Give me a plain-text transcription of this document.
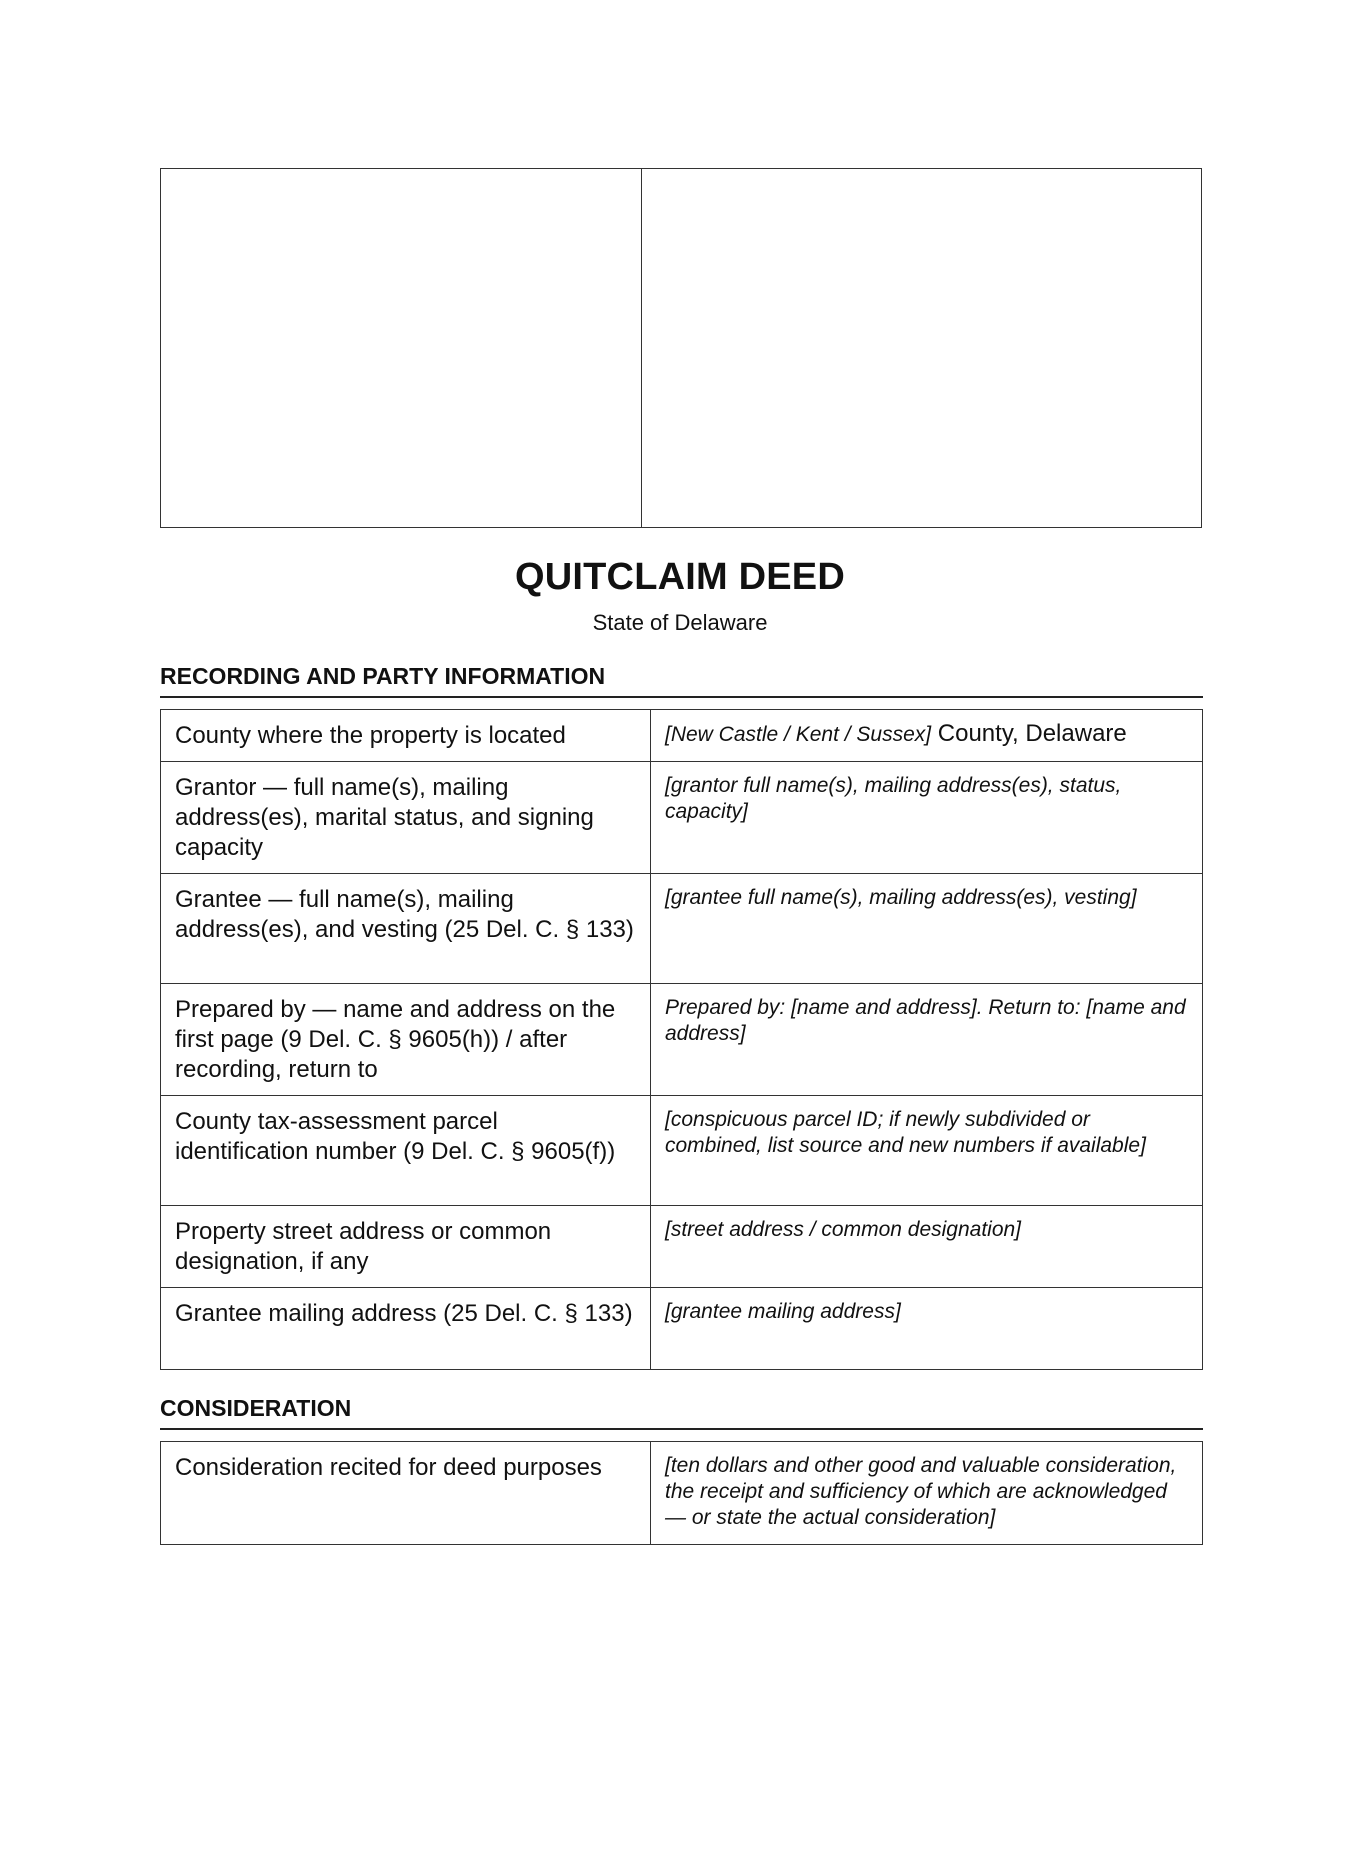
QUITCLAIM DEED

State of Delaware

RECORDING AND PARTY INFORMATION
County where the property is located	[New Castle / Kent / Sussex] County, Delaware
Grantor — full name(s), mailing address(es), marital status, and signing capacity	[grantor full name(s), mailing address(es), status, capacity]
Grantee — full name(s), mailing address(es), and vesting (25 Del. C. § 133)	[grantee full name(s), mailing address(es), vesting]
Prepared by — name and address on the first page (9 Del. C. § 9605(h)) / after recording, return to	Prepared by: [name and address]. Return to: [name and address]
County tax-assessment parcel identification number (9 Del. C. § 9605(f))	[conspicuous parcel ID; if newly subdivided or combined, list source and new numbers if available]
Property street address or common designation, if any	[street address / common designation]
Grantee mailing address (25 Del. C. § 133)	[grantee mailing address]
CONSIDERATION
Consideration recited for deed purposes	[ten dollars and other good and valuable consideration, the receipt and sufficiency of which are acknowledged — or state the actual consideration]
